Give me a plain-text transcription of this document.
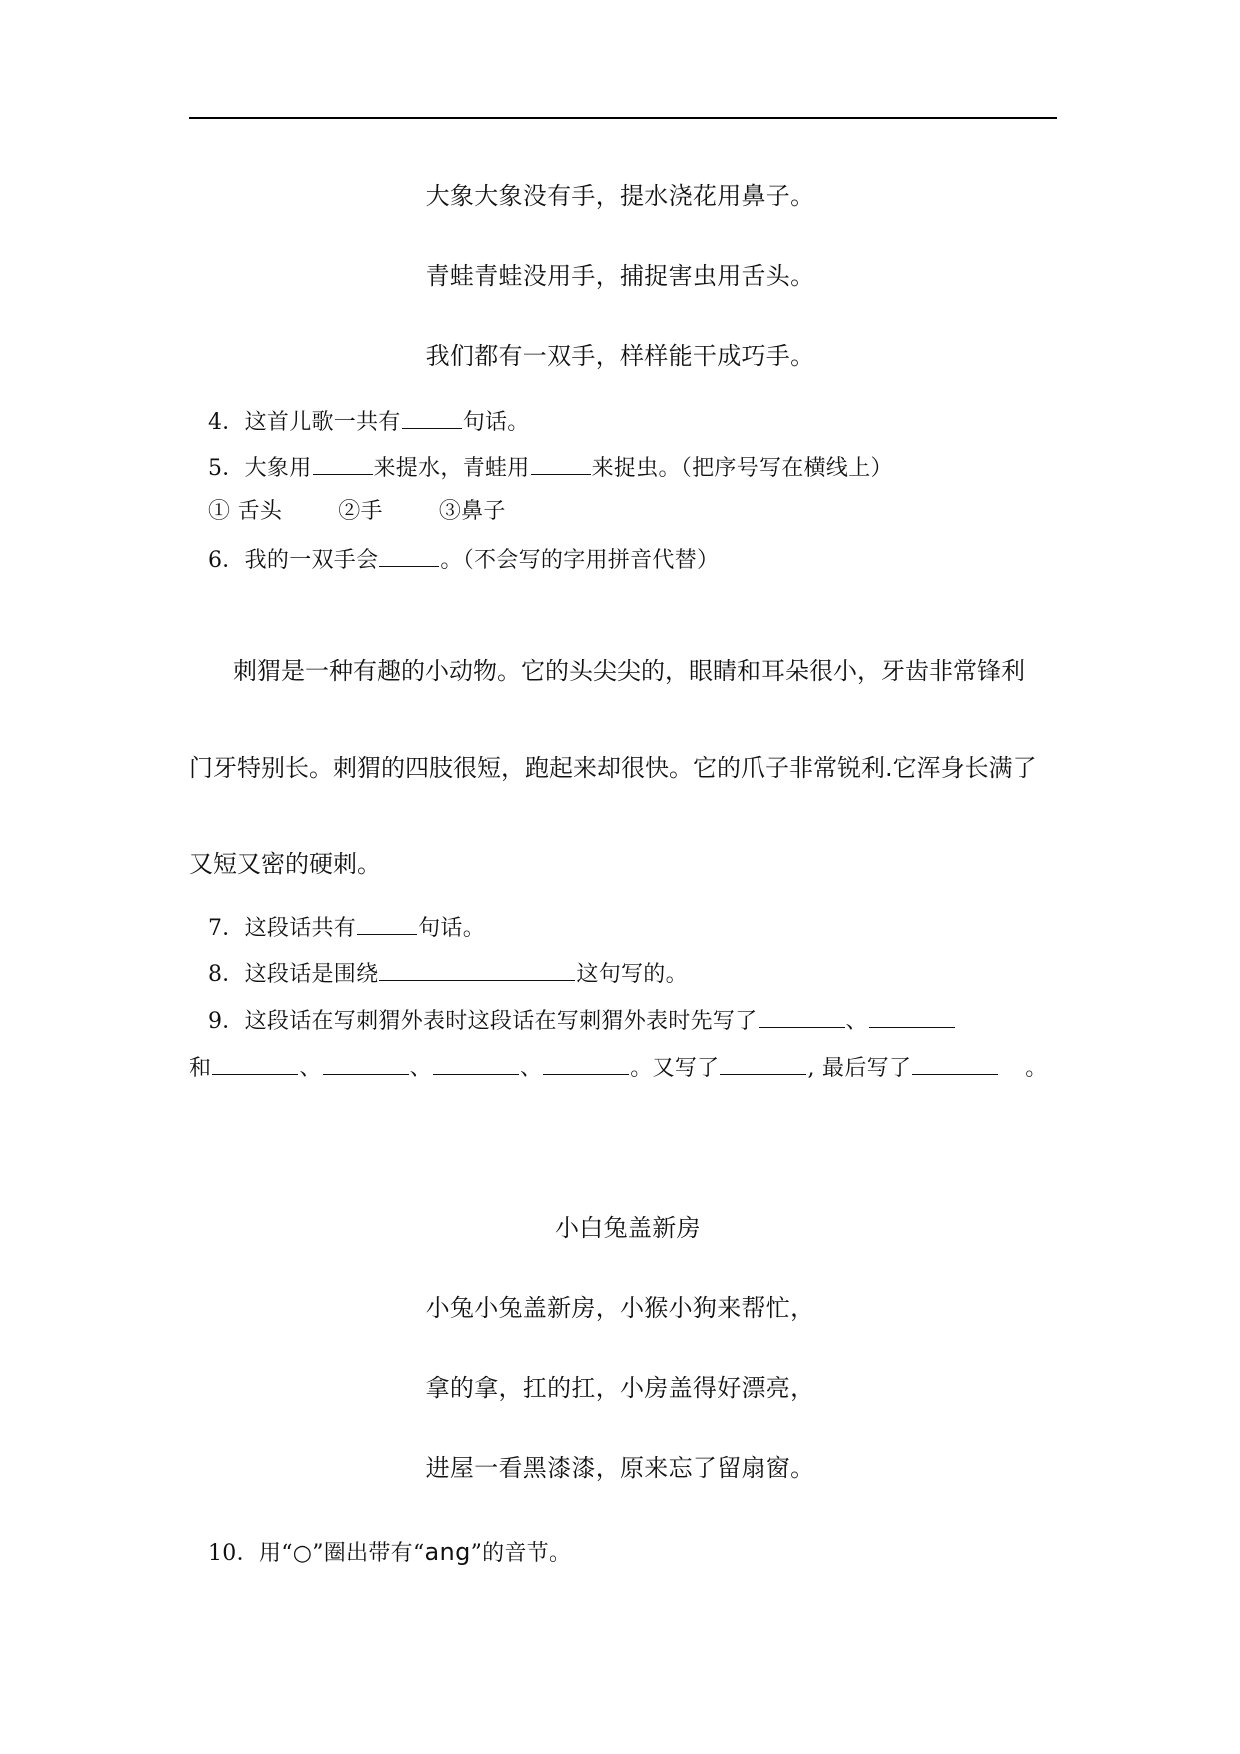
大象大象没有手，提水浇花用鼻子。
青蛙青蛙没用手，捕捉害虫用舌头。
我们都有一双手，样样能干成巧手。
4．这首儿歌一共有	句话。
5．大象用	来提水，青蛙用	来捉虫。（把序号写在横线上）
① 舌头	②手	③鼻子
6．我的一双手会	。（不会写的字用拼音代替）
刺猬是一种有趣的小动物。它的头尖尖的，眼睛和耳朵很小，牙齿非常锋利
门牙特别长。刺猬的四肢很短，跑起来却很快。它的爪子非常锐利.它浑身长满了
又短又密的硬刺。
7．这段话共有	句话。
8．这段话是围绕	这句写的。
9．这段话在写刺猬外表时这段话在写刺猬外表时先写了	、
和	、	、	、	。又写了	, 最后写了	。
小白兔盖新房
小兔小兔盖新房，小猴小狗来帮忙，
拿的拿，扛的扛，小房盖得好漂亮，
进屋一看黑漆漆，原来忘了留扇窗。
10．用“○”圈出带有“ang”的音节。
